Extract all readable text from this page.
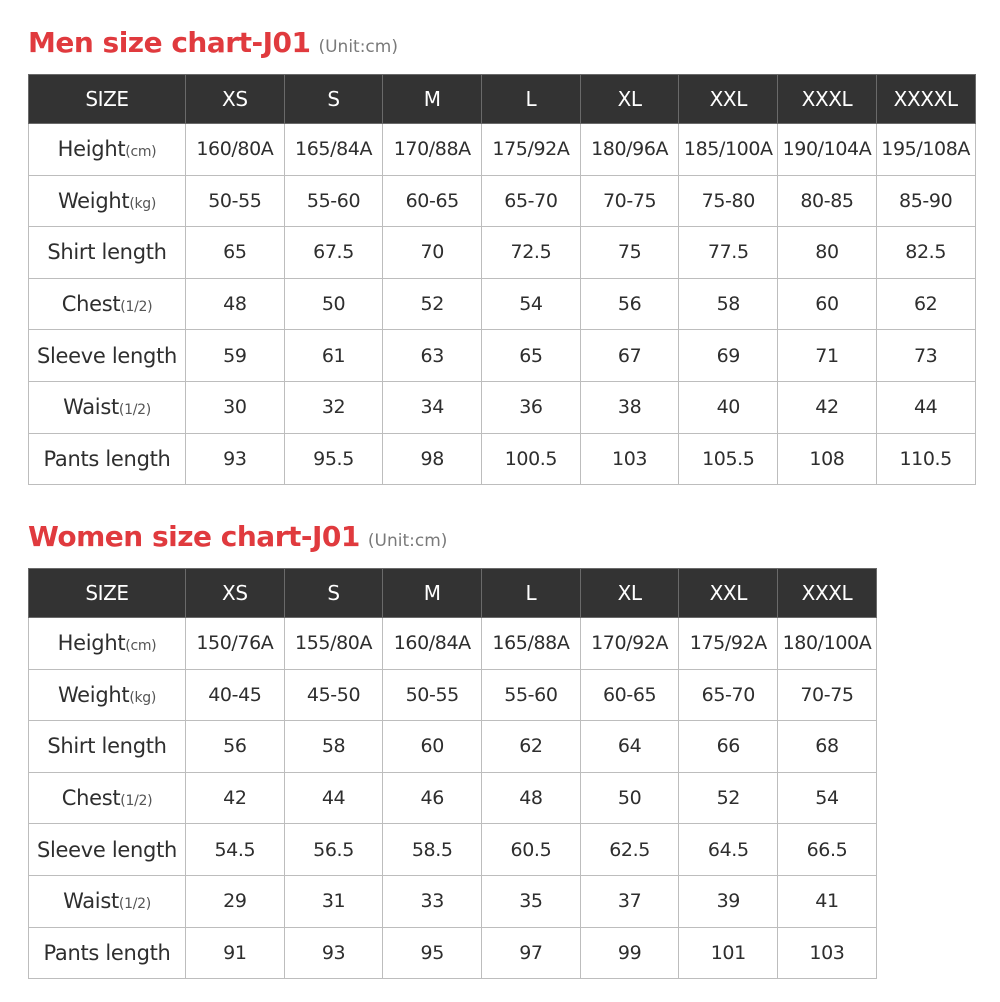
Men size chart-J01 (Unit:cm)
SIZE	XS	S	M	L	XL	XXL	XXXL	XXXXL
Height(cm)	160/80A	165/84A	170/88A	175/92A	180/96A	185/100A	190/104A	195/108A
Weight(kg)	50-55	55-60	60-65	65-70	70-75	75-80	80-85	85-90
Shirt length	65	67.5	70	72.5	75	77.5	80	82.5
Chest(1/2)	48	50	52	54	56	58	60	62
Sleeve length	59	61	63	65	67	69	71	73
Waist(1/2)	30	32	34	36	38	40	42	44
Pants length	93	95.5	98	100.5	103	105.5	108	110.5
Women size chart-J01 (Unit:cm)
SIZE	XS	S	M	L	XL	XXL	XXXL
Height(cm)	150/76A	155/80A	160/84A	165/88A	170/92A	175/92A	180/100A
Weight(kg)	40-45	45-50	50-55	55-60	60-65	65-70	70-75
Shirt length	56	58	60	62	64	66	68
Chest(1/2)	42	44	46	48	50	52	54
Sleeve length	54.5	56.5	58.5	60.5	62.5	64.5	66.5
Waist(1/2)	29	31	33	35	37	39	41
Pants length	91	93	95	97	99	101	103
